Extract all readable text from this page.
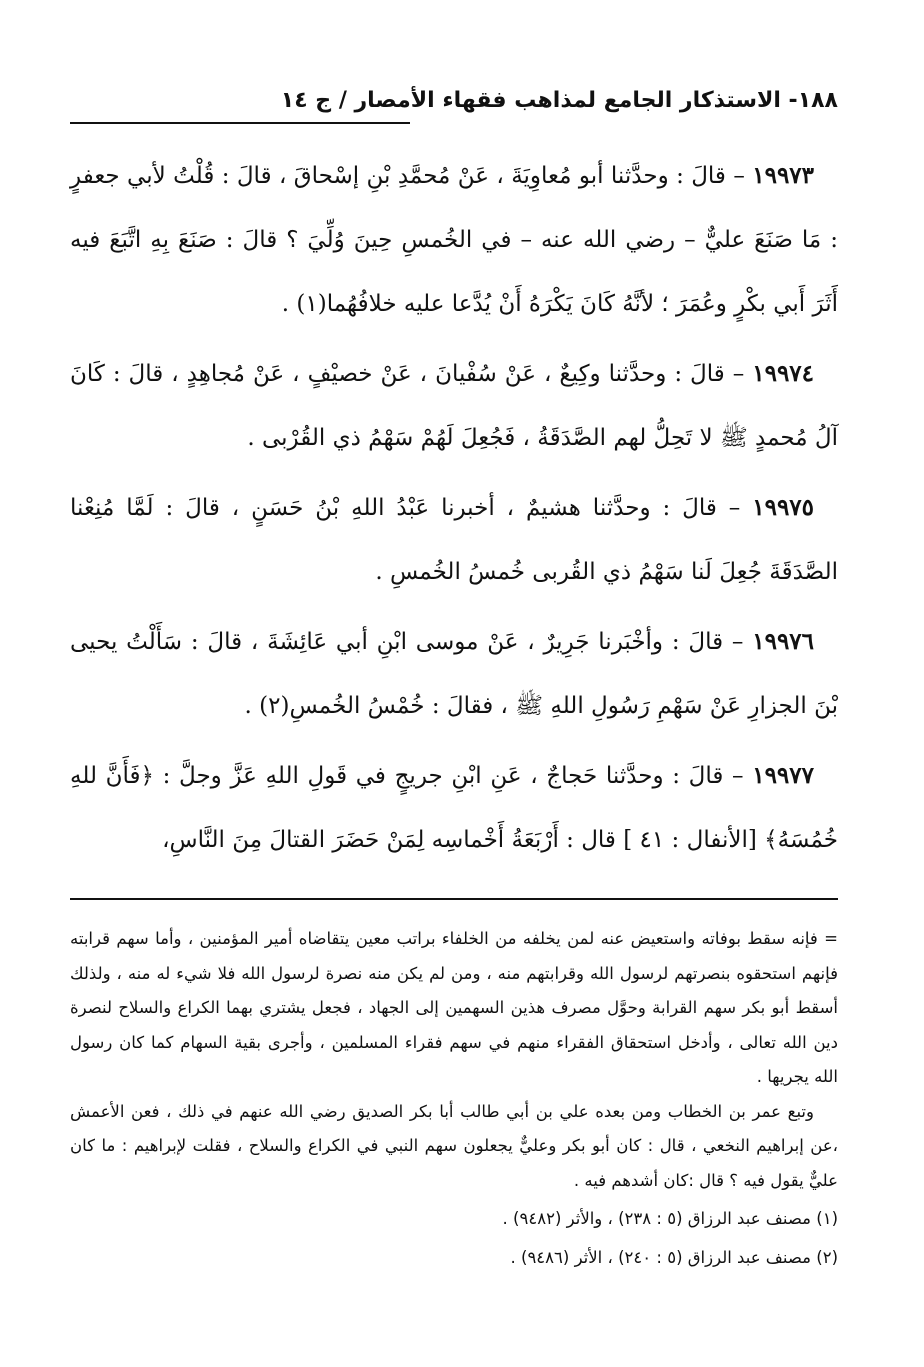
١٨٨- الاستذكار الجامع لمذاهب فقهاء الأمصار / ج ١٤

١٩٩٧٣ – قالَ : وحدَّثنا أبو مُعاوِيَةَ ، عَنْ مُحمَّدِ بْنِ إسْحاقَ ، قالَ : قُلْتُ لأبي جعفرٍ : مَا صَنَعَ عليٌّ – رضي الله عنه – في الخُمسِ حِينَ وُلِّيَ ؟ قالَ : صَنَعَ بِهِ اتَّبَعَ فيه أَثَرَ أَبي بكْرٍ وعُمَرَ ؛ لأنَّهُ كَانَ يَكْرَهُ أَنْ يُدَّعا عليه خلافُهُما(١) .

١٩٩٧٤ – قالَ : وحدَّثنا وكِيعٌ ، عَنْ سُفْيانَ ، عَنْ خصيْفٍ ، عَنْ مُجاهِدٍ ، قالَ : كَانَ آلُ مُحمدٍ ﷺ لا تَحِلُّ لهم الصَّدَقَةُ ، فَجُعِلَ لَهُمْ سَهْمُ ذي القُرْبى .

١٩٩٧٥ – قالَ : وحدَّثنا هشيمٌ ، أخبرنا عَبْدُ اللهِ بْنُ حَسَنٍ ، قالَ : لَمَّا مُنِعْنا الصَّدَقَةَ جُعِلَ لَنا سَهْمُ ذي القُربى خُمسُ الخُمسِ .

١٩٩٧٦ – قالَ : وأخْبَرنا جَرِيرٌ ، عَنْ موسى ابْنِ أبي عَائِشَةَ ، قالَ : سَأَلْتُ يحيى بْنَ الجزارِ عَنْ سَهْمِ رَسُولِ اللهِ ﷺ ، فقالَ : خُمْسُ الخُمسِ(٢) .

١٩٩٧٧ – قالَ : وحدَّثنا حَجاجٌ ، عَنِ ابْنِ جريجٍ في قَولِ اللهِ عَزَّ وجلَّ : ﴿فَأَنَّ للهِ خُمُسَهُ﴾ [الأنفال : ٤١ ] قال : أَرْبَعَةُ أَخْماسِه لِمَنْ حَضَرَ القتالَ مِنَ النَّاسِ،

= فإنه سقط بوفاته واستعيض عنه لمن يخلفه من الخلفاء براتب معين يتقاضاه أمير المؤمنين ، وأما سهم قرابته فإنهم استحقوه بنصرتهم لرسول الله وقرابتهم منه ، ومن لم يكن منه نصرة لرسول الله فلا شيء له منه ، ولذلك أسقط أبو بكر سهم القرابة وحوَّل مصرف هذين السهمين إلى الجهاد ، فجعل يشتري بهما الكراع والسلاح لنصرة دين الله تعالى ، وأدخل استحقاق الفقراء منهم في سهم فقراء المسلمين ، وأجرى بقية السهام كما كان رسول الله يجريها .

وتبع عمر بن الخطاب ومن بعده علي بن أبي طالب أبا بكر الصديق رضي الله عنهم في ذلك ، فعن الأعمش ،عن إبراهيم النخعي ، قال : كان أبو بكر وعليٌّ يجعلون سهم النبي في الكراع والسلاح ، فقلت لإبراهيم : ما كان عليٌّ يقول فيه ؟ قال :كان أشدهم فيه .

(١) مصنف عبد الرزاق (٥ : ٢٣٨) ، والأثر (٩٤٨٢) .

(٢) مصنف عبد الرزاق (٥ : ٢٤٠) ، الأثر (٩٤٨٦) .
